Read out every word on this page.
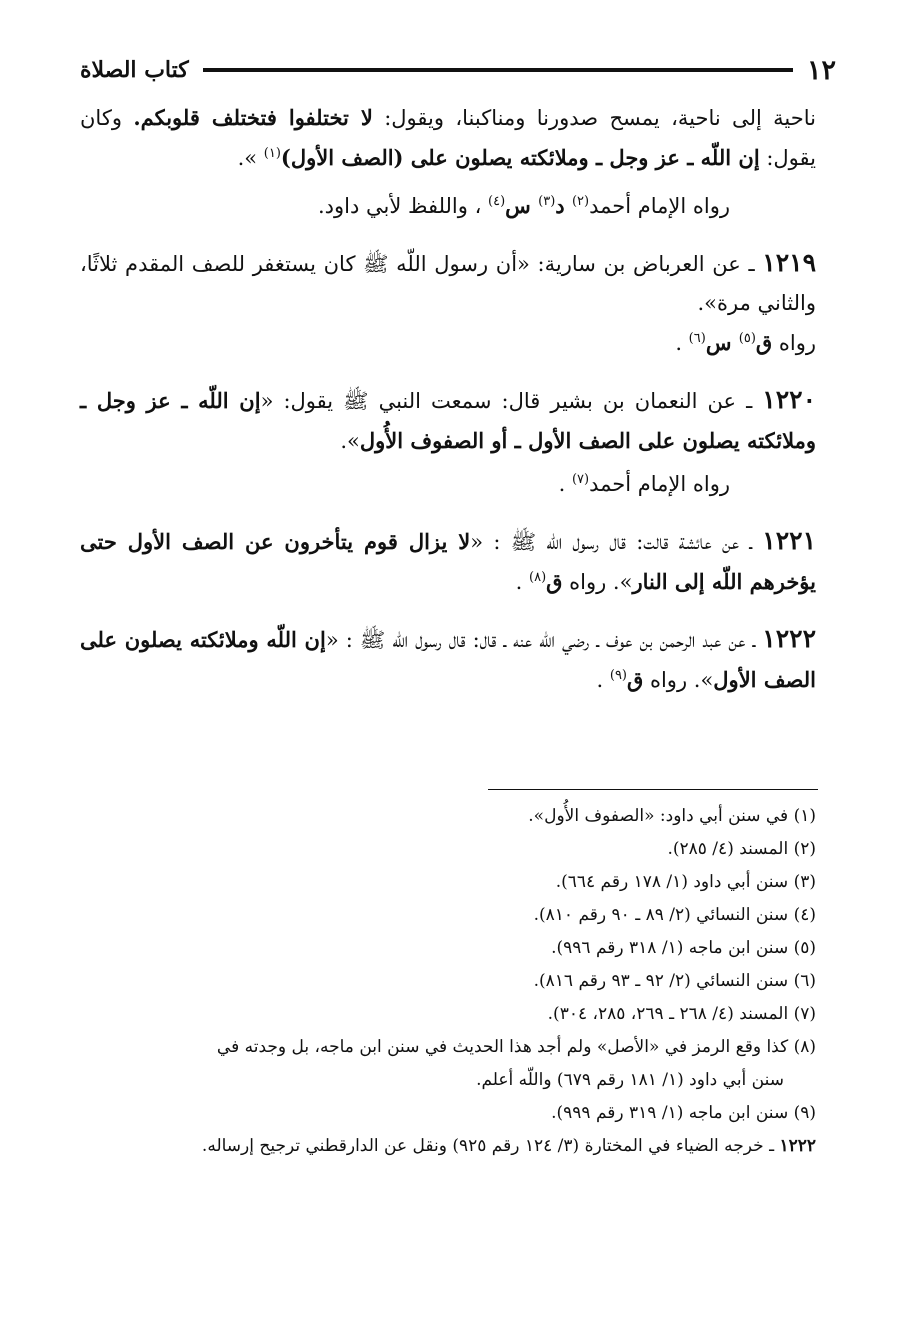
١٢
كتاب الصلاة

ناحية إلى ناحية، يمسح صدورنا ومناكبنا، ويقول: لا تختلفوا فتختلف قلوبكم. وكان يقول: إن اللّه ـ عز وجل ـ وملائكته يصلون على (الصف الأول)$^{(١)}$ ».

رواه الإمام أحمد$^{(٢)}$ د$^{(٣)}$ س$^{(٤)}$ ، واللفظ لأبي داود.

١٢١٩ ـ عن العرباض بن سارية: «أن رسول اللّه ﷺ كان يستغفر للصف المقدم ثلاثًا، والثاني مرة».

رواه ق$^{(٥)}$ س$^{(٦)}$ .

١٢٢٠ ـ عن النعمان بن بشير قال: سمعت النبي ﷺ يقول: «إن اللّه ـ عز وجل ـ وملائكته يصلون على الصف الأول ـ أو الصفوف الأُول».

رواه الإمام أحمد$^{(٧)}$ .

١٢٢١ ـ عن عائشة قالت: قال رسول اللّه ﷺ : «لا يزال قوم يتأخرون عن الصف الأول حتى يؤخرهم اللّه إلى النار». رواه ق$^{(٨)}$ .

١٢٢٢ ـ عن عبد الرحمن بن عوف ـ رضي اللّه عنه ـ قال: قال رسول اللّه ﷺ : «إن اللّه وملائكته يصلون على الصف الأول». رواه ق$^{(٩)}$ .

(١) في سنن أبي داود: «الصفوف الأُول».

(٢) المسند (٤/ ٢٨٥).

(٣) سنن أبي داود (١/ ١٧٨ رقم ٦٦٤).

(٤) سنن النسائي (٢/ ٨٩ ـ ٩٠ رقم ٨١٠).

(٥) سنن ابن ماجه (١/ ٣١٨ رقم ٩٩٦).

(٦) سنن النسائي (٢/ ٩٢ ـ ٩٣ رقم ٨١٦).

(٧) المسند (٤/ ٢٦٨ ـ ٢٦٩، ٢٨٥، ٣٠٤).

(٨) كذا وقع الرمز في «الأصل» ولم أجد هذا الحديث في سنن ابن ماجه، بل وجدته في

سنن أبي داود (١/ ١٨١ رقم ٦٧٩) واللّه أعلم.

(٩) سنن ابن ماجه (١/ ٣١٩ رقم ٩٩٩).

١٢٢٢ ـ خرجه الضياء في المختارة (٣/ ١٢٤ رقم ٩٢٥) ونقل عن الدارقطني ترجيح إرساله.
